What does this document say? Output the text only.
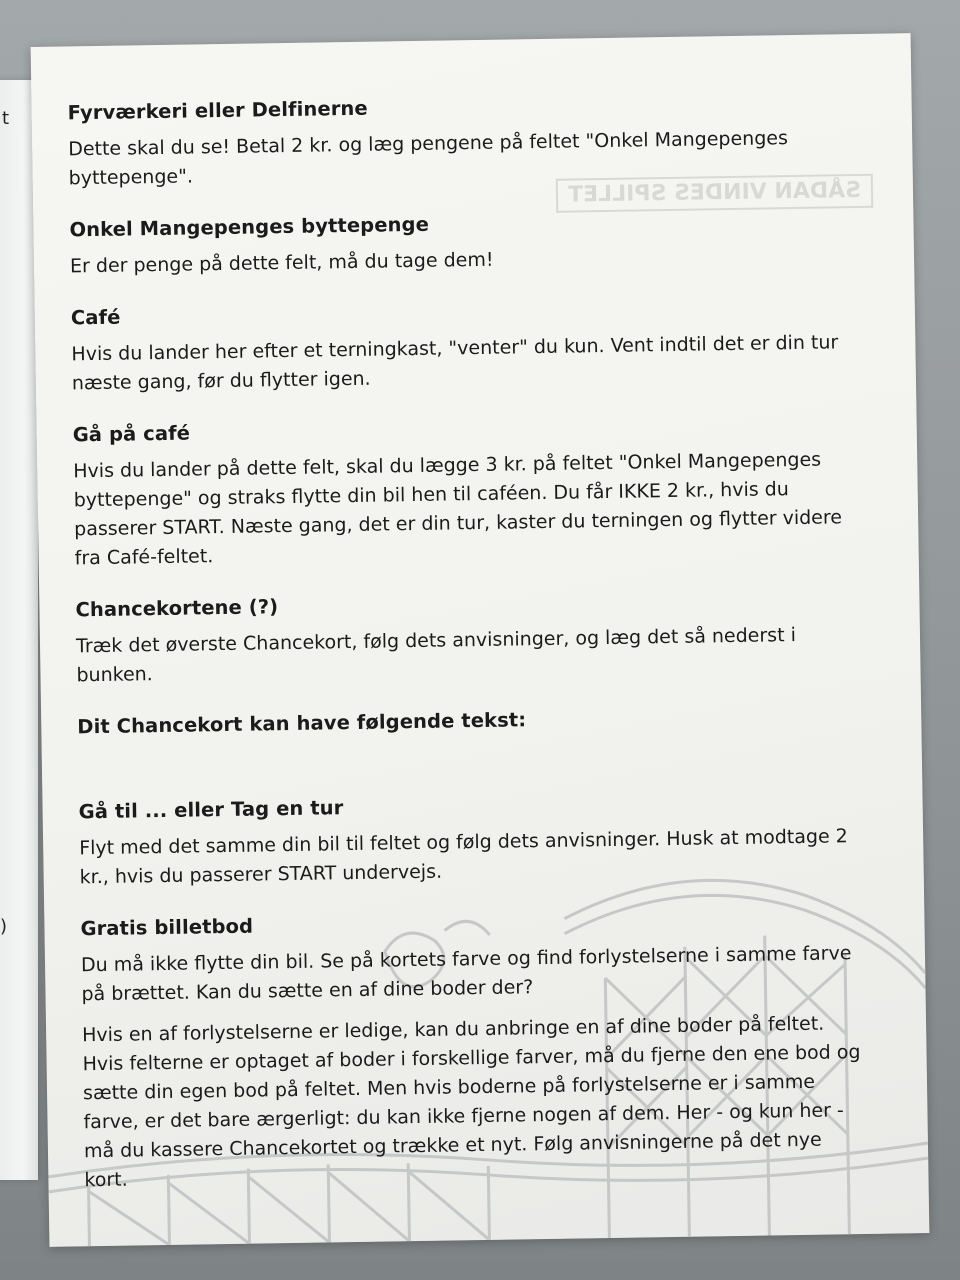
t
)
SÅDAN VINDES SPILLET
Fyrværkeri eller Delfinerne

Dette skal du se! Betal 2 kr. og læg pengene på feltet "Onkel Mangepenges byttepenge".

Onkel Mangepenges byttepenge

Er der penge på dette felt, må du tage dem!

Café

Hvis du lander her efter et terningkast, "venter" du kun. Vent indtil det er din tur næste gang, før du flytter igen.

Gå på café

Hvis du lander på dette felt, skal du lægge 3 kr. på feltet "Onkel Mangepenges byttepenge" og straks flytte din bil hen til caféen. Du får IKKE 2 kr., hvis du passerer START. Næste gang, det er din tur, kaster du terningen og flytter videre fra Café-feltet.

Chancekortene (?)

Træk det øverste Chancekort, følg dets anvisninger, og læg det så nederst i bunken.

Dit Chancekort kan have følgende tekst:
Gå til ... eller Tag en tur

Flyt med det samme din bil til feltet og følg dets anvisninger. Husk at modtage 2 kr., hvis du passerer START undervejs.

Gratis billetbod

Du må ikke flytte din bil. Se på kortets farve og find forlystelserne i samme farve på brættet. Kan du sætte en af dine boder der?

Hvis en af forlystelserne er ledige, kan du anbringe en af dine boder på feltet. Hvis felterne er optaget af boder i forskellige farver, må du fjerne den ene bod og sætte din egen bod på feltet. Men hvis boderne på forlystelserne er i samme farve, er det bare ærgerligt: du kan ikke fjerne nogen af dem. Her - og kun her - må du kassere Chancekortet og trække et nyt. Følg anvisningerne på det nye kort.
